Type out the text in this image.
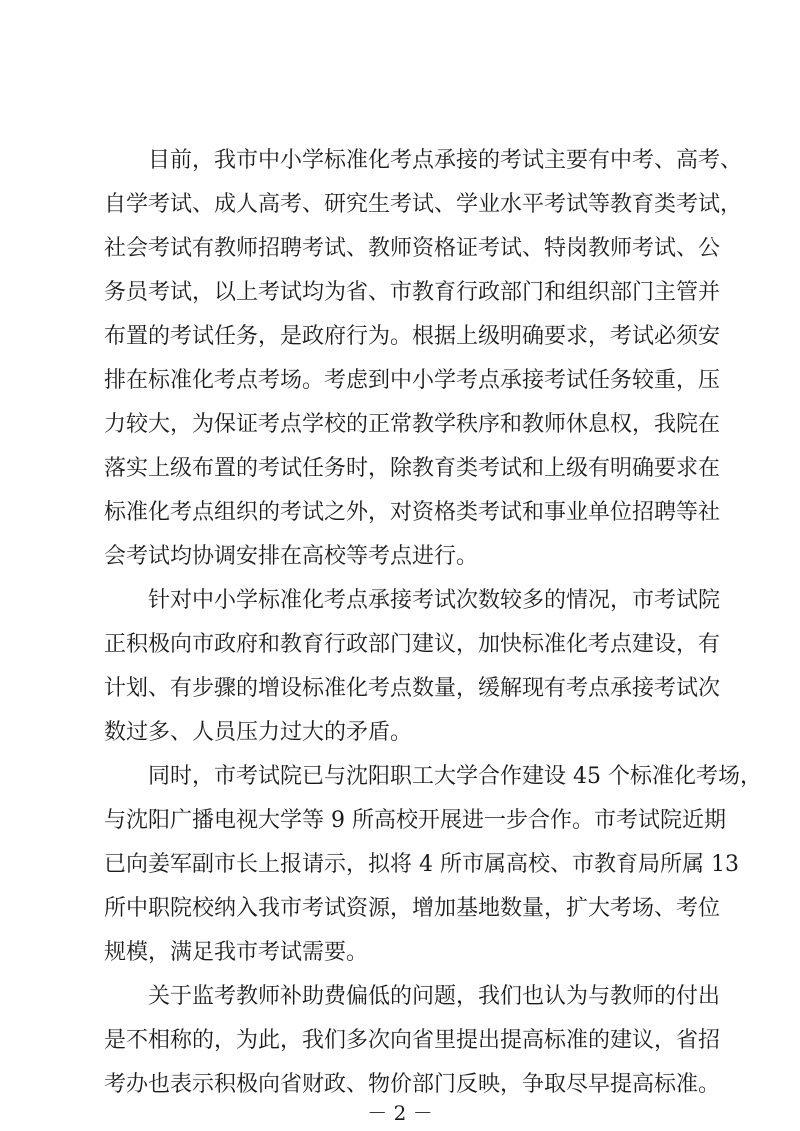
目前，我市中小学标准化考点承接的考试主要有中考、高考、
自学考试、成人高考、研究生考试、学业水平考试等教育类考试，
社会考试有教师招聘考试、教师资格证考试、特岗教师考试、公
务员考试，以上考试均为省、市教育行政部门和组织部门主管并
布置的考试任务，是政府行为。根据上级明确要求，考试必须安
排在标准化考点考场。考虑到中小学考点承接考试任务较重，压
力较大，为保证考点学校的正常教学秩序和教师休息权，我院在
落实上级布置的考试任务时，除教育类考试和上级有明确要求在
标准化考点组织的考试之外，对资格类考试和事业单位招聘等社
会考试均协调安排在高校等考点进行。
针对中小学标准化考点承接考试次数较多的情况，市考试院
正积极向市政府和教育行政部门建议，加快标准化考点建设，有
计划、有步骤的增设标准化考点数量，缓解现有考点承接考试次
数过多、人员压力过大的矛盾。
同时，市考试院已与沈阳职工大学合作建设 45 个标准化考场，
与沈阳广播电视大学等 9 所高校开展进一步合作。市考试院近期
已向姜军副市长上报请示，拟将 4 所市属高校、市教育局所属 13
所中职院校纳入我市考试资源，增加基地数量，扩大考场、考位
规模，满足我市考试需要。
关于监考教师补助费偏低的问题，我们也认为与教师的付出
是不相称的，为此，我们多次向省里提出提高标准的建议，省招
考办也表示积极向省财政、物价部门反映，争取尽早提高标准。
－ 2 －
